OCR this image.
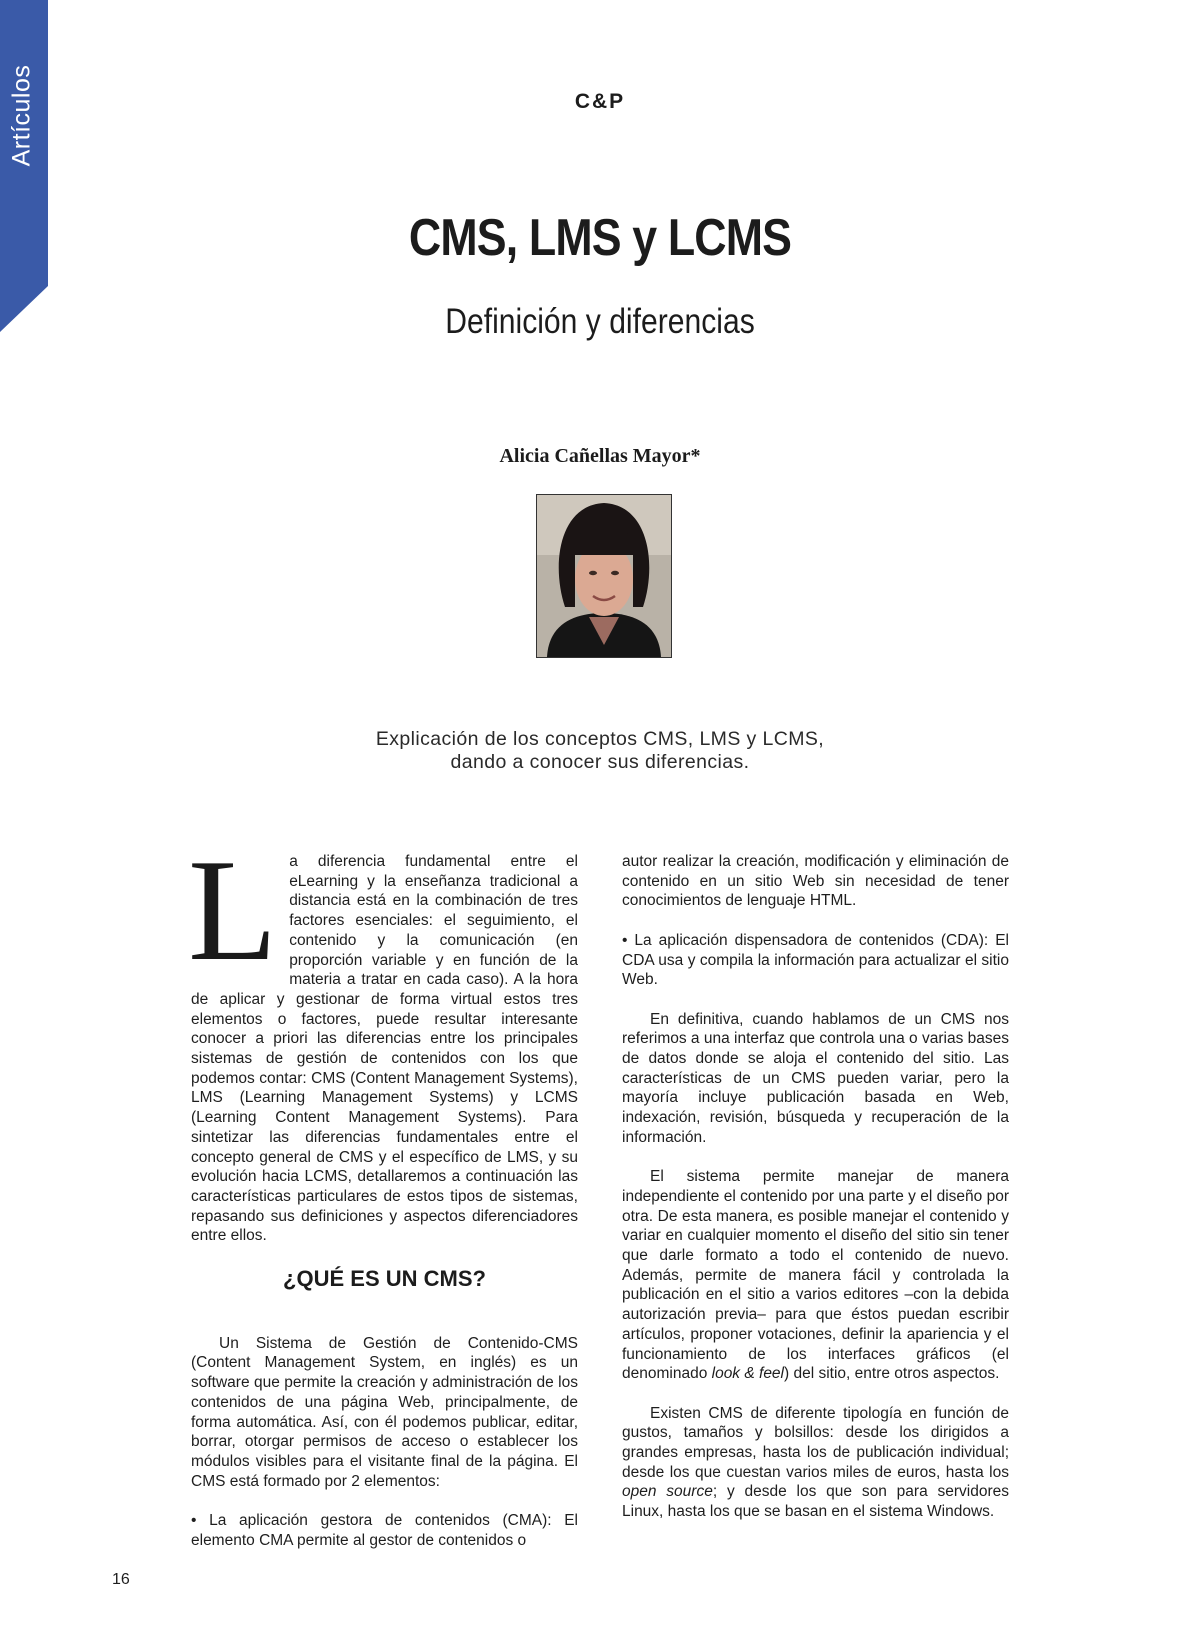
Artículos	C&P
CMS, LMS y LCMS
Definición y diferencias
Alicia Cañellas Mayor*
Explicación de los conceptos CMS, LMS y LCMS,
dando a conocer sus diferencias.

La diferencia fundamental entre el eLearning y la enseñanza tradicional a distancia está en la combinación de tres factores esenciales: el seguimiento, el contenido y la comunicación (en proporción variable y en función de la materia a tratar en cada caso). A la hora de aplicar y gestionar de forma virtual estos tres elementos o factores, puede resultar interesante conocer a priori las diferencias entre los principales sistemas de gestión de contenidos con los que podemos contar: CMS (Content Management Systems), LMS (Learning Management Systems) y LCMS (Learning Content Management Systems). Para sintetizar las diferencias fundamentales entre el concepto general de CMS y el específico de LMS, y su evolución hacia LCMS, detallaremos a continuación las características particulares de estos tipos de sistemas, repasando sus definiciones y aspectos diferenciadores entre ellos.

¿QUÉ ES UN CMS?

Un Sistema de Gestión de Contenido-CMS (Content Management System, en inglés) es un software que permite la creación y administración de los contenidos de una página Web, principalmente, de forma automática. Así, con él podemos publicar, editar, borrar, otorgar permisos de acceso o establecer los módulos visibles para el visitante final de la página. El CMS está formado por 2 elementos:

• La aplicación gestora de contenidos (CMA): El elemento CMA permite al gestor de contenidos o

autor realizar la creación, modificación y eliminación de contenido en un sitio Web sin necesidad de tener conocimientos de lenguaje HTML.

• La aplicación dispensadora de contenidos (CDA): El CDA usa y compila la información para actualizar el sitio Web.

En definitiva, cuando hablamos de un CMS nos referimos a una interfaz que controla una o varias bases de datos donde se aloja el contenido del sitio. Las características de un CMS pueden variar, pero la mayoría incluye publicación basada en Web, indexación, revisión, búsqueda y recuperación de la información.

El sistema permite manejar de manera independiente el contenido por una parte y el diseño por otra. De esta manera, es posible manejar el contenido y variar en cualquier momento el diseño del sitio sin tener que darle formato a todo el contenido de nuevo. Además, permite de manera fácil y controlada la publicación en el sitio a varios editores –con la debida autorización previa– para que éstos puedan escribir artículos, proponer votaciones, definir la apariencia y el funcionamiento de los interfaces gráficos (el denominado look & feel) del sitio, entre otros aspectos.

Existen CMS de diferente tipología en función de gustos, tamaños y bolsillos: desde los dirigidos a grandes empresas, hasta los de publicación individual; desde los que cuestan varios miles de euros, hasta los open source; y desde los que son para servidores Linux, hasta los que se basan en el sistema Windows.

16
